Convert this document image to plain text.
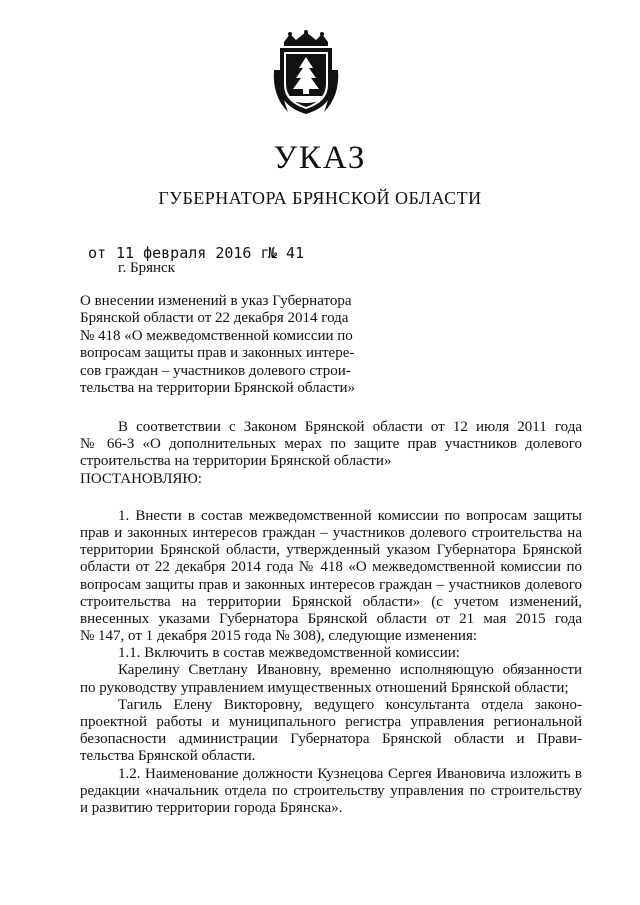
УКАЗ
ГУБЕРНАТОРА БРЯНСКОЙ ОБЛАСТИ
от 11 февраля 2016 г.
№ 41
г. Брянск
О внесении изменений в указ Губернатора
Брянской области от 22 декабря 2014 года
№ 418 «О межведомственной комиссии по
вопросам защиты прав и законных интере-
сов граждан – участников долевого строи-
тельства на территории Брянской области»
В соответствии с Законом Брянской области от 12 июля 2011 года
№ 66-З «О дополнительных мерах по защите прав участников долевого
строительства на территории Брянской области»
ПОСТАНОВЛЯЮ:
1. Внести в состав межведомственной комиссии по вопросам защиты
прав и законных интересов граждан – участников долевого строительства на
территории Брянской области, утвержденный указом Губернатора Брянской
области от 22 декабря 2014 года № 418 «О межведомственной комиссии по
вопросам защиты прав и законных интересов граждан – участников долевого
строительства на территории Брянской области» (с учетом изменений,
внесенных указами Губернатора Брянской области от 21 мая 2015 года
№ 147, от 1 декабря 2015 года № 308), следующие изменения:
1.1. Включить в состав межведомственной комиссии:
Карелину Светлану Ивановну, временно исполняющую обязанности
по руководству управлением имущественных отношений Брянской области;
Тагиль Елену Викторовну, ведущего консультанта отдела законо-
проектной работы и муниципального регистра управления региональной
безопасности администрации Губернатора Брянской области и Прави-
тельства Брянской области.
1.2. Наименование должности Кузнецова Сергея Ивановича изложить в
редакции «начальник отдела по строительству управления по строительству
и развитию территории города Брянска».
